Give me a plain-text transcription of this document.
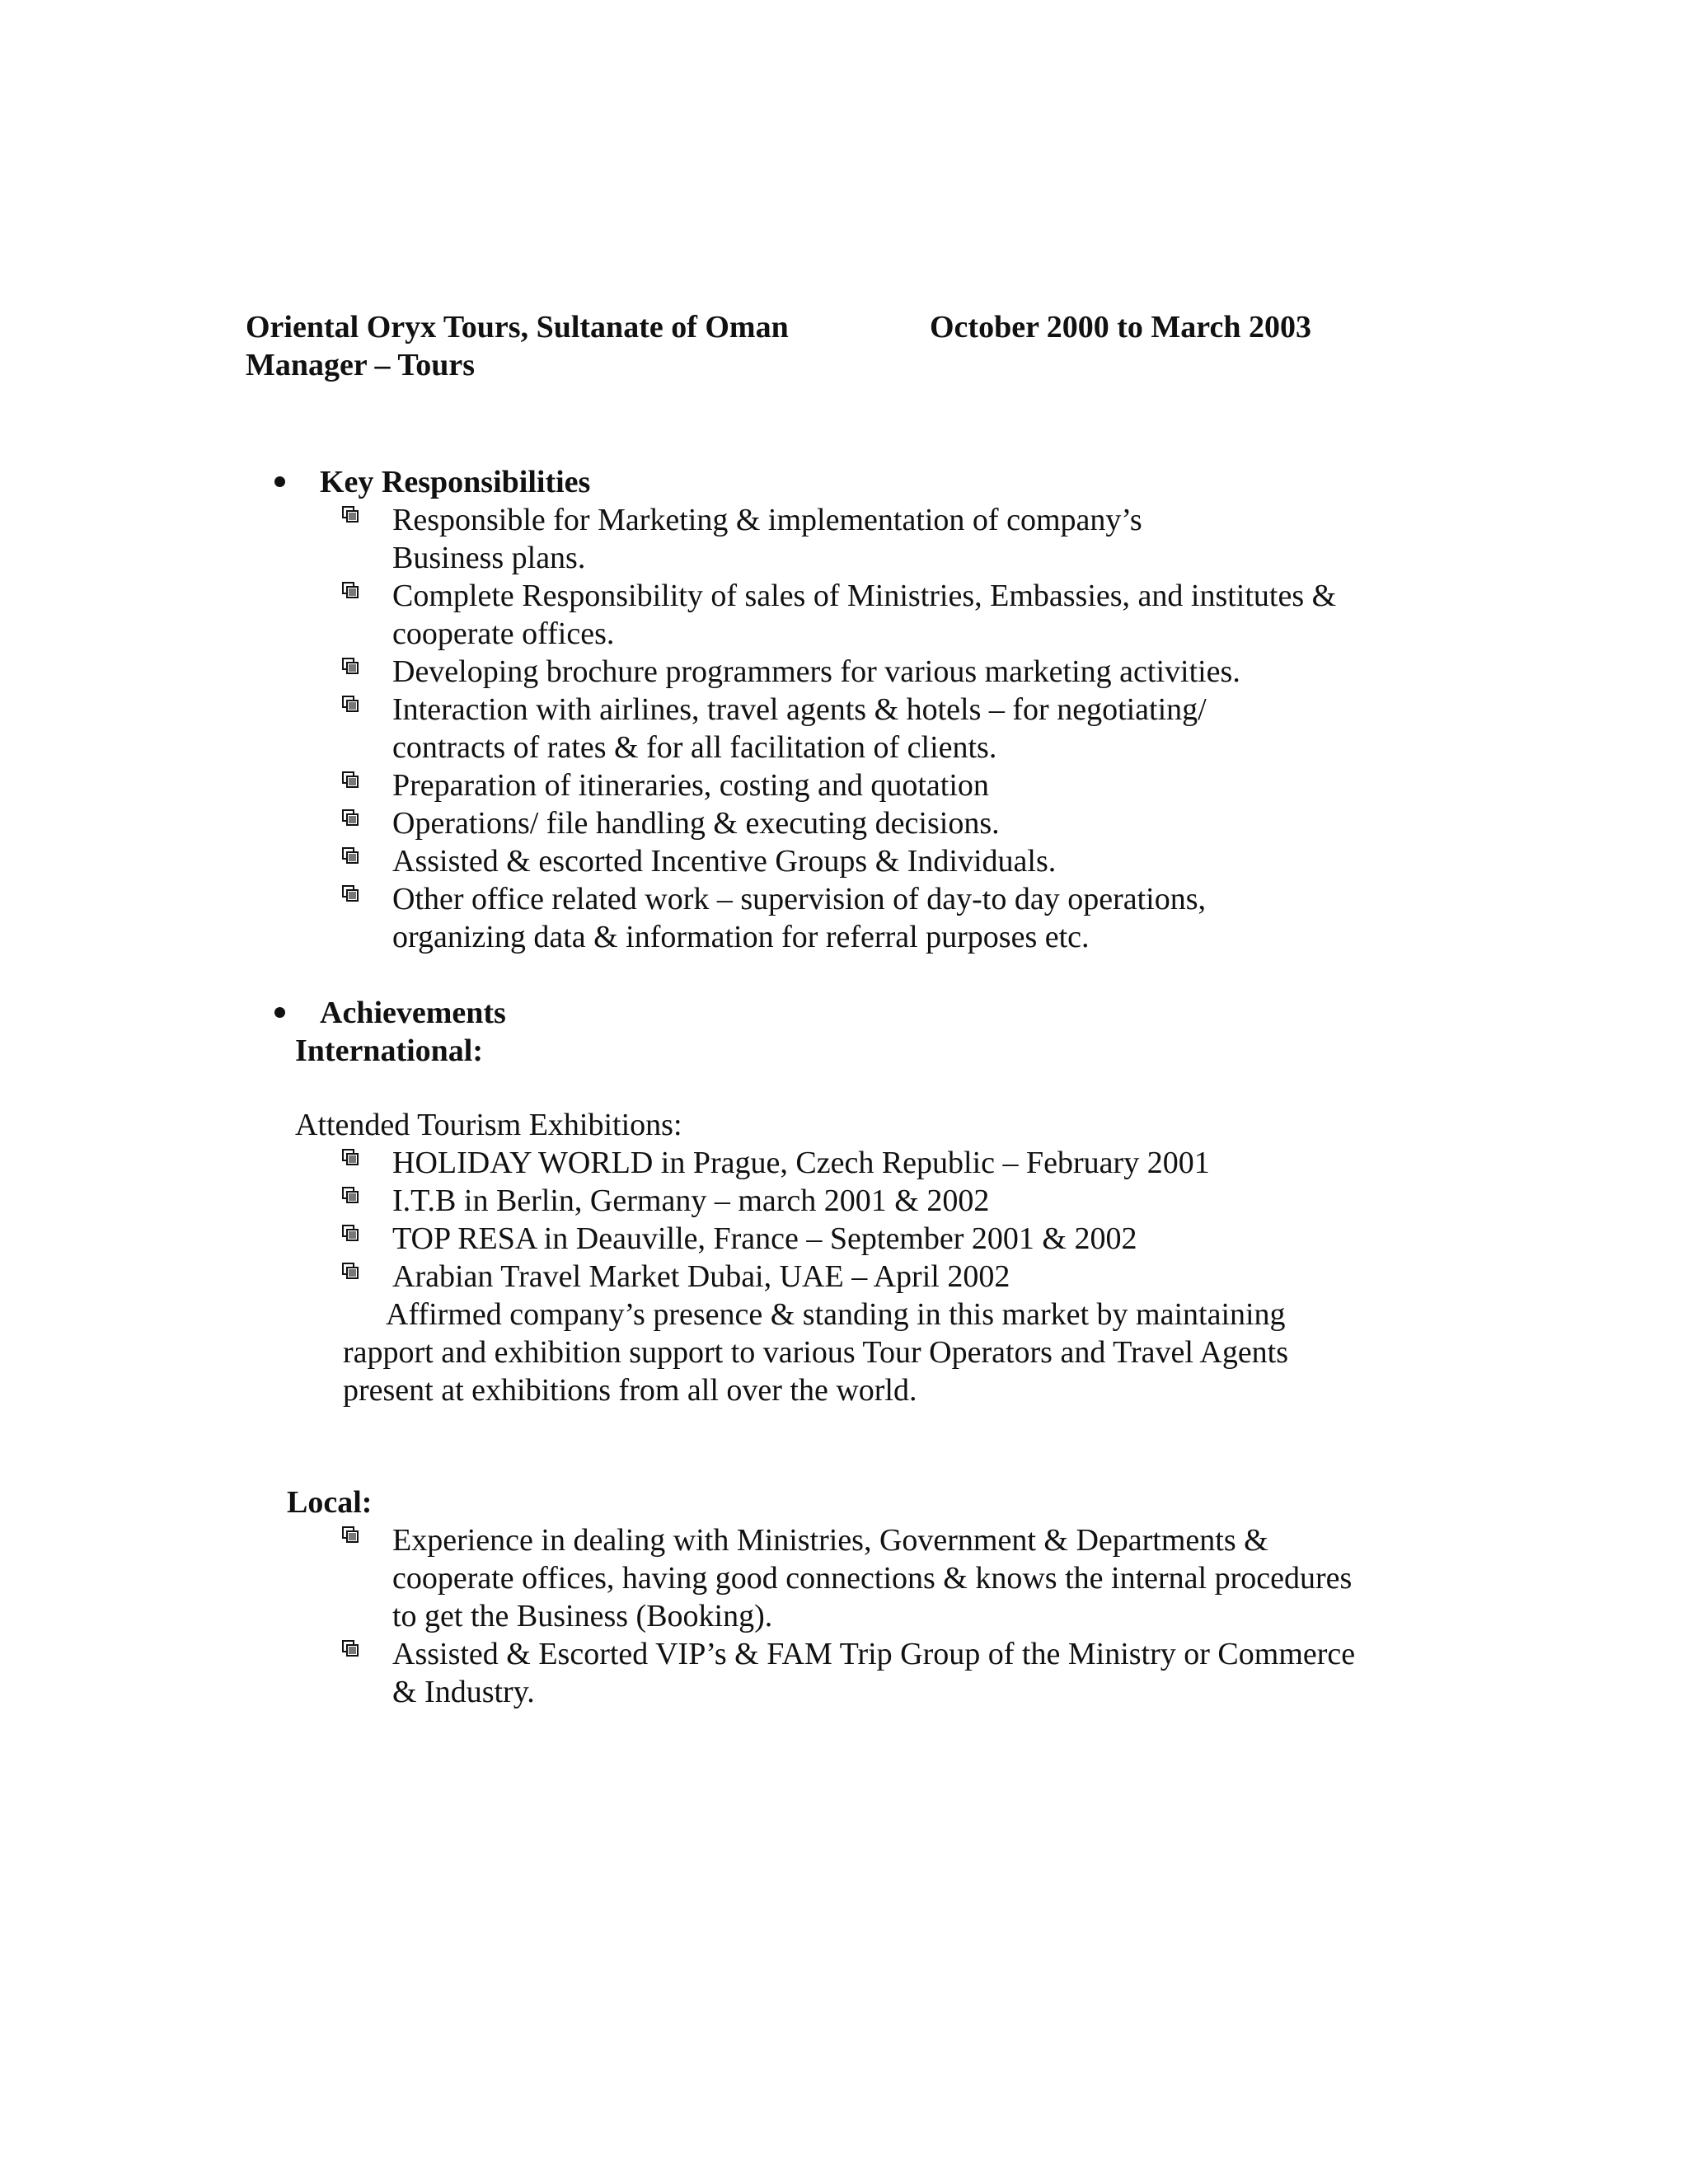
Oriental Oryx Tours, Sultanate of Oman	October 2000 to March 2003
Manager – Tours
Key Responsibilities
Responsible for Marketing & implementation of company’s
Business plans.
Complete Responsibility of sales of Ministries, Embassies, and institutes &
cooperate offices.
Developing brochure programmers for various marketing activities.
Interaction with airlines, travel agents & hotels – for negotiating/
contracts of rates & for all facilitation of clients.
Preparation of itineraries, costing and quotation
Operations/ file handling & executing decisions.
Assisted & escorted Incentive Groups & Individuals.
Other office related work – supervision of day-to day operations,
organizing data & information for referral purposes etc.
Achievements
International:
Attended Tourism Exhibitions:
HOLIDAY WORLD in Prague, Czech Republic – February 2001
I.T.B in Berlin, Germany – march 2001 & 2002
TOP RESA in Deauville, France – September 2001 & 2002
Arabian Travel Market Dubai, UAE – April 2002
Affirmed company’s presence & standing in this market by maintaining
rapport and exhibition support to various Tour Operators and Travel Agents
present at exhibitions from all over the world.
Local:
Experience in dealing with Ministries, Government & Departments &
cooperate offices, having good connections & knows the internal procedures
to get the Business (Booking).
Assisted & Escorted VIP’s & FAM Trip Group of the Ministry or Commerce
& Industry.
